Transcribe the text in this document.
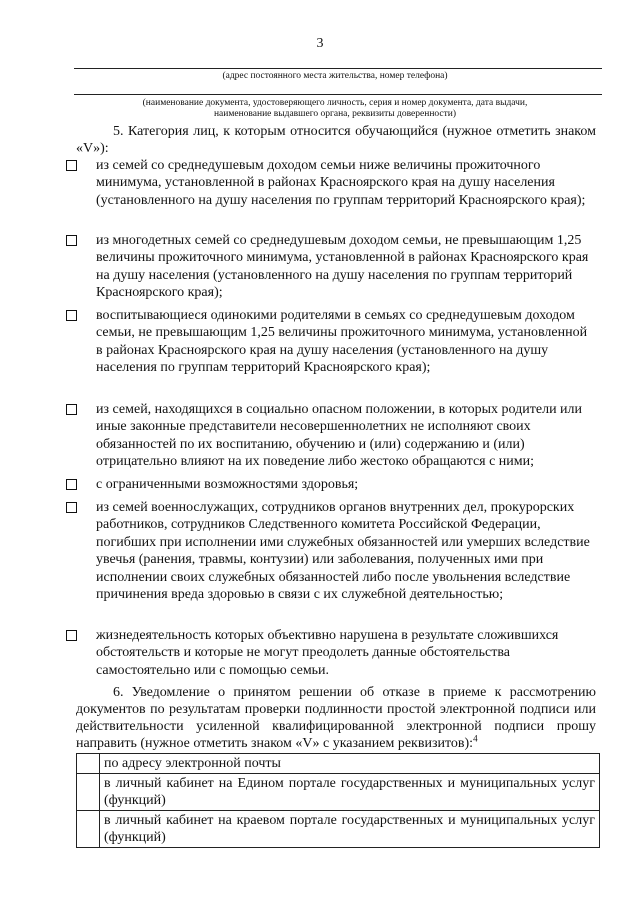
3
(адрес постоянного места жительства, номер телефона)
(наименование документа, удостоверяющего личность, серия и номер документа, дата выдачи,
наименование выдавшего органа, реквизиты доверенности)
5. Категория лиц, к которым относится обучающийся (нужное отметить знаком «V»):
из семей со среднедушевым доходом семьи ниже величины прожиточного минимума, установленной в районах Красноярского края на душу населения (установленного на душу населения по группам территорий Красноярского края);
из многодетных семей со среднедушевым доходом семьи, не превышающим 1,25 величины прожиточного минимума, установленной в районах Красноярского края на душу населения (установленного на душу населения по группам территорий Красноярского края);
воспитывающиеся одинокими родителями в семьях со среднедушевым доходом семьи, не превышающим 1,25 величины прожиточного минимума, установленной в районах Красноярского края на душу населения (установленного на душу населения по группам территорий Красноярского края);
из семей, находящихся в социально опасном положении, в которых родители или иные законные представители несовершеннолетних не исполняют своих обязанностей по их воспитанию, обучению и (или) содержанию и (или) отрицательно влияют на их поведение либо жестоко обращаются с ними;
с ограниченными возможностями здоровья;
из семей военнослужащих, сотрудников органов внутренних дел, прокурорских работников, сотрудников Следственного комитета Российской Федерации, погибших при исполнении ими служебных обязанностей или умерших вследствие увечья (ранения, травмы, контузии) или заболевания, полученных ими при исполнении своих служебных обязанностей либо после увольнения вследствие причинения вреда здоровью в связи с их служебной деятельностью;
жизнедеятельность которых объективно нарушена в результате сложившихся обстоятельств и которые не могут преодолеть данные обстоятельства самостоятельно или с помощью семьи.
6. Уведомление о принятом решении об отказе в приеме к рассмотрению документов по результатам проверки подлинности простой электронной подписи или действительности усиленной квалифицированной электронной подписи прошу направить (нужное отметить знаком «V» с указанием реквизитов):$^4$
	по адресу электронной почты
	в личный кабинет на Едином портале государственных и муниципальных услуг (функций)
	в личный кабинет на краевом портале государственных и муниципальных услуг (функций)
